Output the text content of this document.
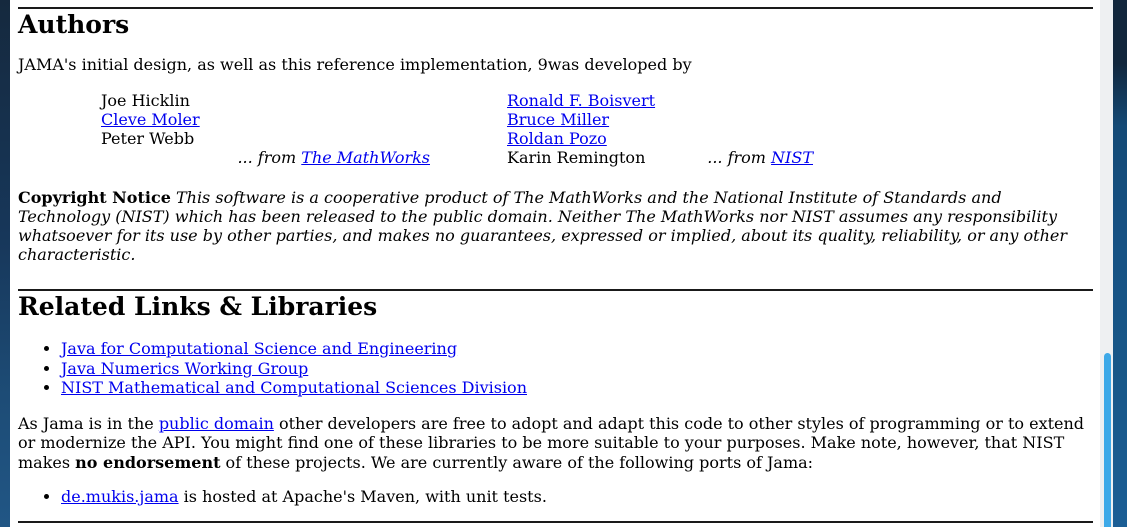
Authors

JAMA's initial design, as well as this reference implementation, 9was developed by

Joe Hicklin
Cleve Moler
Peter Webb
... from The MathWorks
Ronald F. Boisvert
Bruce Miller
Roldan Pozo
Karin Remington	... from NIST

Copyright Notice This software is a cooperative product of The MathWorks and the National Institute of Standards and Technology (NIST) which has been released to the public domain. Neither The MathWorks nor NIST assumes any responsibility whatsoever for its use by other parties, and makes no guarantees, expressed or implied, about its quality, reliability, or any other characteristic.

Related Links & Libraries
• Java for Computational Science and Engineering
• Java Numerics Working Group
• NIST Mathematical and Computational Sciences Division

As Jama is in the public domain other developers are free to adopt and adapt this code to other styles of programming or to extend or modernize the API. You might find one of these libraries to be more suitable to your purposes. Make note, however, that NIST makes no endorsement of these projects. We are currently aware of the following ports of Jama:

• de.mukis.jama is hosted at Apache's Maven, with unit tests.
